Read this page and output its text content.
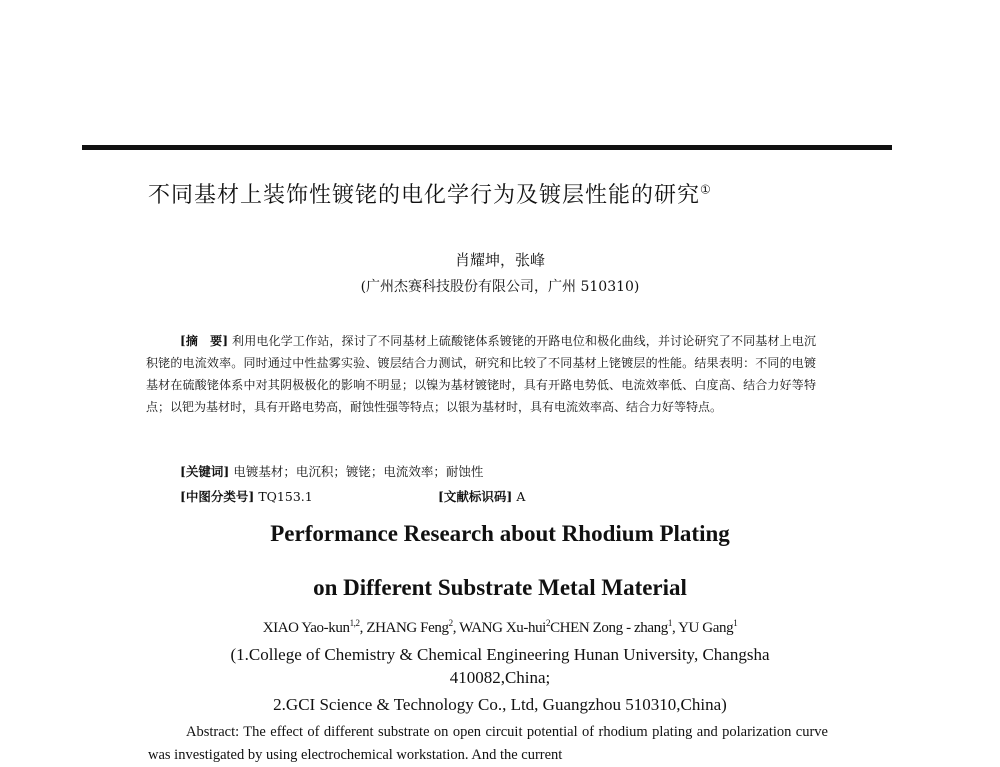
不同基材上装饰性镀铑的电化学行为及镀层性能的研究①
肖耀坤，张峰
(广州杰赛科技股份有限公司，广州 510310)
[摘　要] 利用电化学工作站，探讨了不同基材上硫酸铑体系镀铑的开路电位和极化曲线，并讨论研究了不同基材上电沉积铑的电流效率。同时通过中性盐雾实验、镀层结合力测试，研究和比较了不同基材上铑镀层的性能。结果表明：不同的电镀基材在硫酸铑体系中对其阴极极化的影响不明显；以镍为基材镀铑时，具有开路电势低、电流效率低、白度高、结合力好等特点；以钯为基材时，具有开路电势高，耐蚀性强等特点；以银为基材时，具有电流效率高、结合力好等特点。
[关键词] 电镀基材；电沉积；镀铑；电流效率；耐蚀性
[中图分类号] TQ153.1	[文献标识码] A
Performance Research about Rhodium Plating
on Different Substrate Metal Material
XIAO Yao-kun$^{1,2}$, ZHANG Feng$^2$, WANG Xu-hui$^2$CHEN Zong - zhang$^1$, YU Gang$^1$
(1.College of Chemistry & Chemical Engineering Hunan University, Changsha
410082,China;
2.GCI Science & Technology Co., Ltd, Guangzhou 510310,China)
Abstract: The effect of different substrate on open circuit potential of rhodium plating and polarization curve was investigated by using electrochemical workstation. And the current
